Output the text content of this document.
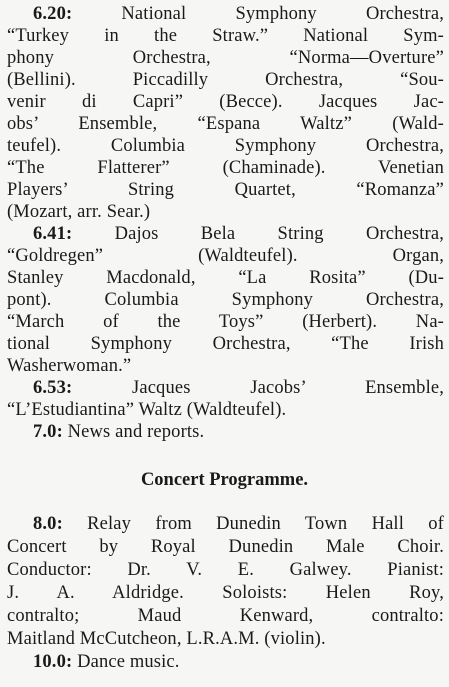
6.20:	National Symphony Orchestra,
“Turkey in the Straw.” National Sym-
phony Orchestra, “Norma—Overture”
(Bellini). Piccadilly Orchestra, “Sou-
venir di Capri” (Becce). Jacques Jac-
obs’ Ensemble, “Espana Waltz” (Wald-
teufel). Columbia Symphony Orchestra,
“The Flatterer” (Chaminade). Venetian
Players’ String Quartet, “Romanza”
(Mozart, arr. Sear.)
6.41: Dajos Bela String Orchestra,
“Goldregen” (Waldteufel). Organ,
Stanley Macdonald, “La Rosita” (Du-
pont). Columbia Symphony Orchestra,
“March of the Toys” (Herbert). Na-
tional Symphony Orchestra, “The Irish
Washerwoman.”
6.53:	Jacques Jacobs’ Ensemble,
“L’Estudiantina” Waltz (Waldteufel).
7.0: News and reports.
Concert Programme.
8.0: Relay from Dunedin Town Hall of
Concert by Royal Dunedin Male Choir.
Conductor: Dr. V. E. Galwey. Pianist:
J. A. Aldridge. Soloists: Helen Roy,
contralto; Maud Kenward, contralto:
Maitland McCutcheon, L.R.A.M. (violin).
10.0: Dance music.
